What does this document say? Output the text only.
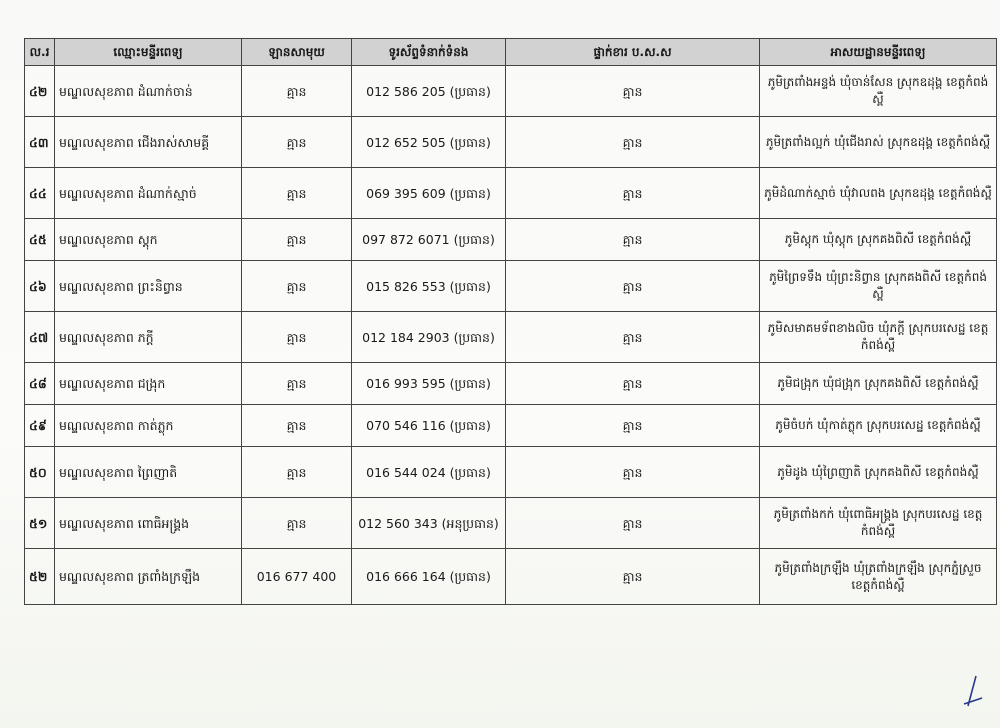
ល.រ	ឈ្មោះមន្ទីរពេទ្យ	ឡានសាមុយ	ទូរស័ព្ទទំនាក់ទំនង	ផ្ទាក់ខារ ប.ស.ស	អាសយដ្ឋានមន្ទីរពេទ្យ
៤២	មណ្ឌលសុខភាព ដំណាក់ចាន់	គ្មាន	012 586 205 (ប្រធាន)	គ្មាន	ភូមិត្រពាំងអន្ទង់ ឃុំចាន់សែន ស្រុកឧដុង្គ ខេត្តកំពង់ស្ពឺ
៤៣	មណ្ឌលសុខភាព ជើងរាស់សាមគ្គី	គ្មាន	012 652 505 (ប្រធាន)	គ្មាន	ភូមិត្រពាំងល្អក់ ឃុំជើងរាស់ ស្រុកឧដុង្គ ខេត្តកំពង់ស្ពឺ
៤៤	មណ្ឌលសុខភាព ដំណាក់ស្មាច់	គ្មាន	069 395 609 (ប្រធាន)	គ្មាន	ភូមិដំណាក់ស្មាច់ ឃុំវាលពង ស្រុកឧដុង្គ ខេត្តកំពង់ស្ពឺ
៤៥	មណ្ឌលសុខភាព ស្តុក	គ្មាន	097 872 6071 (ប្រធាន)	គ្មាន	ភូមិស្តុក ឃុំស្តុក ស្រុកគងពិសី ខេត្តកំពង់ស្ពឺ
៤៦	មណ្ឌលសុខភាព ព្រះនិព្វាន	គ្មាន	015 826 553 (ប្រធាន)	គ្មាន	ភូមិព្រៃទទឹង ឃុំព្រះនិព្វាន ស្រុកគងពិសី ខេត្តកំពង់ស្ពឺ
៤៧	មណ្ឌលសុខភាព ភក្តី	គ្មាន	012 184 2903 (ប្រធាន)	គ្មាន	ភូមិសមាគមទ័ពខាងលិច ឃុំភក្តី ស្រុកបរសេដ្ឋ ខេត្តកំពង់ស្ពឺ
៤៨	មណ្ឌលសុខភាព ជង្រុក	គ្មាន	016 993 595 (ប្រធាន)	គ្មាន	ភូមិជង្រុក ឃុំជង្រុក ស្រុកគងពិសី ខេត្តកំពង់ស្ពឺ
៤៩	មណ្ឌលសុខភាព កាត់ភ្លុក	គ្មាន	070 546 116 (ប្រធាន)	គ្មាន	ភូមិចំបក់ ឃុំកាត់ភ្លុក ស្រុកបរសេដ្ឋ ខេត្តកំពង់ស្ពឺ
៥០	មណ្ឌលសុខភាព ព្រៃញាតិ	គ្មាន	016 544 024 (ប្រធាន)	គ្មាន	ភូមិដូង ឃុំព្រៃញាតិ ស្រុកគងពិសី ខេត្តកំពង់ស្ពឺ
៥១	មណ្ឌលសុខភាព ពោធិអង្គ្រង	គ្មាន	012 560 343 (អនុប្រធាន)	គ្មាន	ភូមិត្រពាំងកក់ ឃុំពោធិអង្គ្រង ស្រុកបរសេដ្ឋ ខេត្តកំពង់ស្ពឺ
៥២	មណ្ឌលសុខភាព ត្រពាំងក្រឡឹង	016 677 400	016 666 164 (ប្រធាន)	គ្មាន	ភូមិត្រពាំងក្រឡឹង ឃុំត្រពាំងក្រឡឹង ស្រុកភ្នំស្រួច ខេត្តកំពង់ស្ពឺ
